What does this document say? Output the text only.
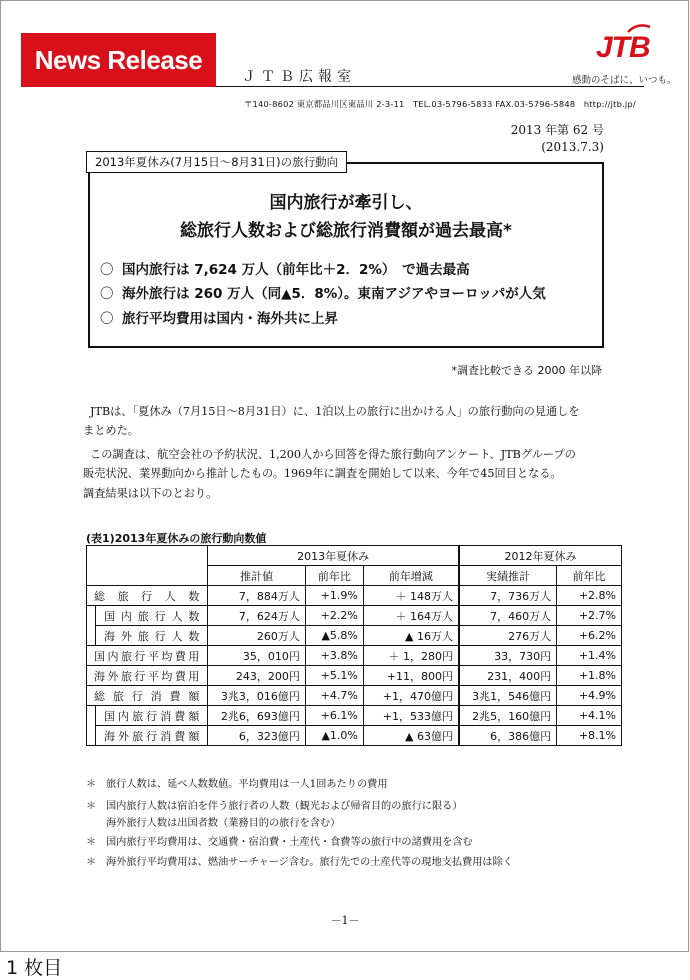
News Release
ＪＴＢ広報室
JTB
感動のそばに、いつも。
〒140-8602 東京都品川区東品川 2-3-11　TEL.03-5796-5833 FAX.03-5796-5848　http://jtb.jp/
2013 年第 62 号
(2013.7.3)
2013年夏休み(7月15日～8月31日)の旅行動向
国内旅行が牽引し、
総旅行人数および総旅行消費額が過去最高*
〇 国内旅行は 7,624 万人（前年比＋2．2%）　で過去最高
〇 海外旅行は 260 万人（同▲5．8%）。東南アジアやヨーロッパが人気
〇 旅行平均費用は国内・海外共に上昇
*調査比較できる 2000 年以降
JTBは、「夏休み（7月15日～8月31日）に、1泊以上の旅行に出かける人」の旅行動向の見通しを
まとめた。
この調査は、航空会社の予約状況、1,200人から回答を得た旅行動向アンケート、JTBグループの
販売状況、業界動向から推計したもの。1969年に調査を開始して以来、今年で45回目となる。
調査結果は以下のとおり。
(表1)2013年夏休みの旅行動向数値
		2013年夏休み			2012年夏休み	
		推計値	前年比	前年増減	実績推計	前年比
総旅行人数		7，884万人	+1.9%	＋ 148万人	7，736万人	+2.8%
	国内旅行人数	7，624万人	+2.2%	＋ 164万人	7，460万人	+2.7%
	海外旅行人数	260万人	▲5.8%	▲ 16万人	276万人	+6.2%
国内旅行平均費用		35，010円	+3.8%	＋ 1，280円	33，730円	+1.4%
海外旅行平均費用		243，200円	+5.1%	+11，800円	231，400円	+1.8%
総旅行消費額		3兆3，016億円	+4.7%	+1，470億円	3兆1，546億円	+4.9%
	国内旅行消費額	2兆6，693億円	+6.1%	+1，533億円	2兆5，160億円	+4.1%
	海外旅行消費額	6，323億円	▲1.0%	▲ 63億円	6，386億円	+8.1%
＊ 旅行人数は、延べ人数数値。平均費用は一人1回あたりの費用
＊ 国内旅行人数は宿泊を伴う旅行者の人数（観光および帰省目的の旅行に限る）
海外旅行人数は出国者数（業務目的の旅行を含む）
＊ 国内旅行平均費用は、交通費・宿泊費・土産代・食費等の旅行中の諸費用を含む
＊ 海外旅行平均費用は、燃油サーチャージ含む。旅行先での土産代等の現地支払費用は除く
－1－
1 枚目
